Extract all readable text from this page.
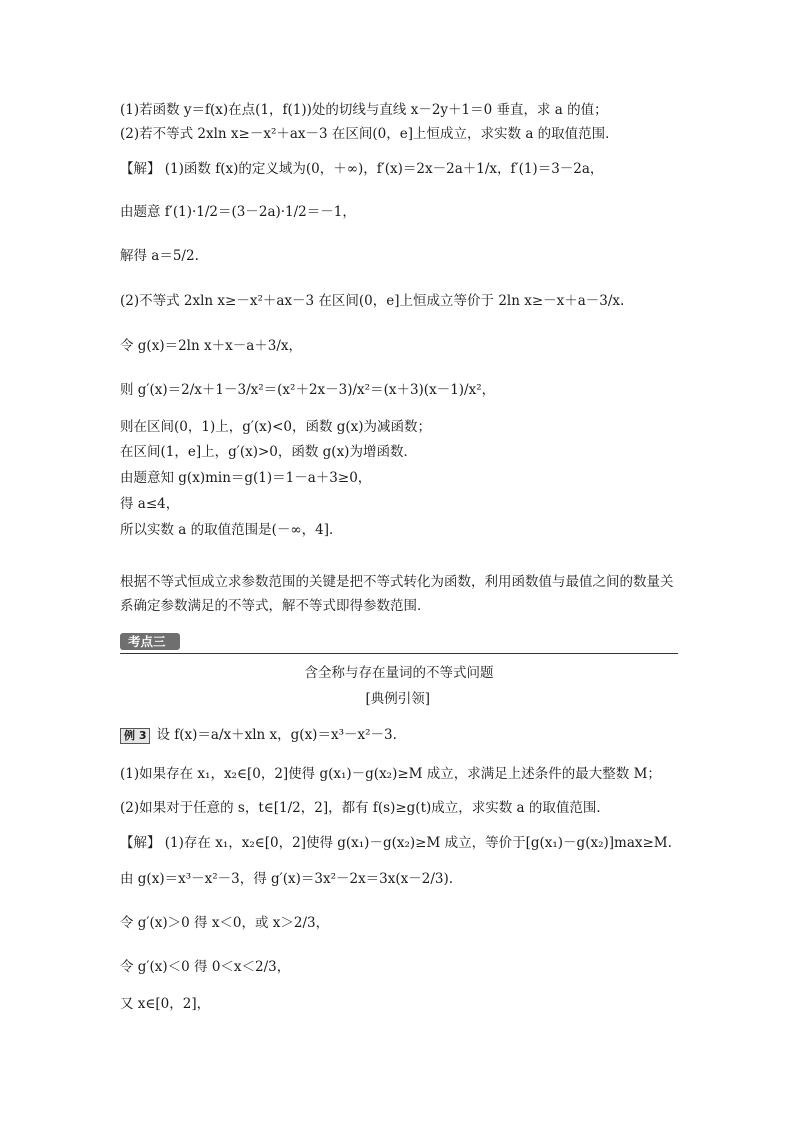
(1)若函数 y＝f(x)在点(1，f(1))处的切线与直线 x－2y＋1＝0 垂直，求 a 的值；
(2)若不等式 2xln x≥－x²＋ax－3 在区间(0，e]上恒成立，求实数 a 的取值范围．
【解】 (1)函数 f(x)的定义域为(0，＋∞)，f′(x)＝2x－2a＋1/x，f′(1)＝3－2a，
由题意 f′(1)·1/2＝(3－2a)·1/2＝－1，
解得 a＝5/2.
(2)不等式 2xln x≥－x²＋ax－3 在区间(0，e]上恒成立等价于 2ln x≥－x＋a－3/x.
令 g(x)＝2ln x＋x－a＋3/x，
则 g′(x)＝2/x＋1－3/x²＝(x²＋2x－3)/x²＝(x＋3)(x－1)/x²，
则在区间(0，1)上，g′(x)<0，函数 g(x)为减函数；
在区间(1，e]上，g′(x)>0，函数 g(x)为增函数．
由题意知 g(x)min＝g(1)＝1－a＋3≥0，
得 a≤4，
所以实数 a 的取值范围是(－∞，4]．
根据不等式恒成立求参数范围的关键是把不等式转化为函数，利用函数值与最值之间的数量关系确定参数满足的不等式，解不等式即得参数范围．
考点三
含全称与存在量词的不等式问题
[典例引领]
例 3 设 f(x)＝a/x＋xln x，g(x)＝x³－x²－3.
(1)如果存在 x₁，x₂∈[0，2]使得 g(x₁)－g(x₂)≥M 成立，求满足上述条件的最大整数 M；
(2)如果对于任意的 s，t∈[1/2，2]，都有 f(s)≥g(t)成立，求实数 a 的取值范围．
【解】 (1)存在 x₁，x₂∈[0，2]使得 g(x₁)－g(x₂)≥M 成立，等价于[g(x₁)－g(x₂)]max≥M.
由 g(x)＝x³－x²－3，得 g′(x)＝3x²－2x＝3x(x－2/3).
令 g′(x)＞0 得 x＜0，或 x＞2/3，
令 g′(x)＜0 得 0＜x＜2/3，
又 x∈[0，2]，
